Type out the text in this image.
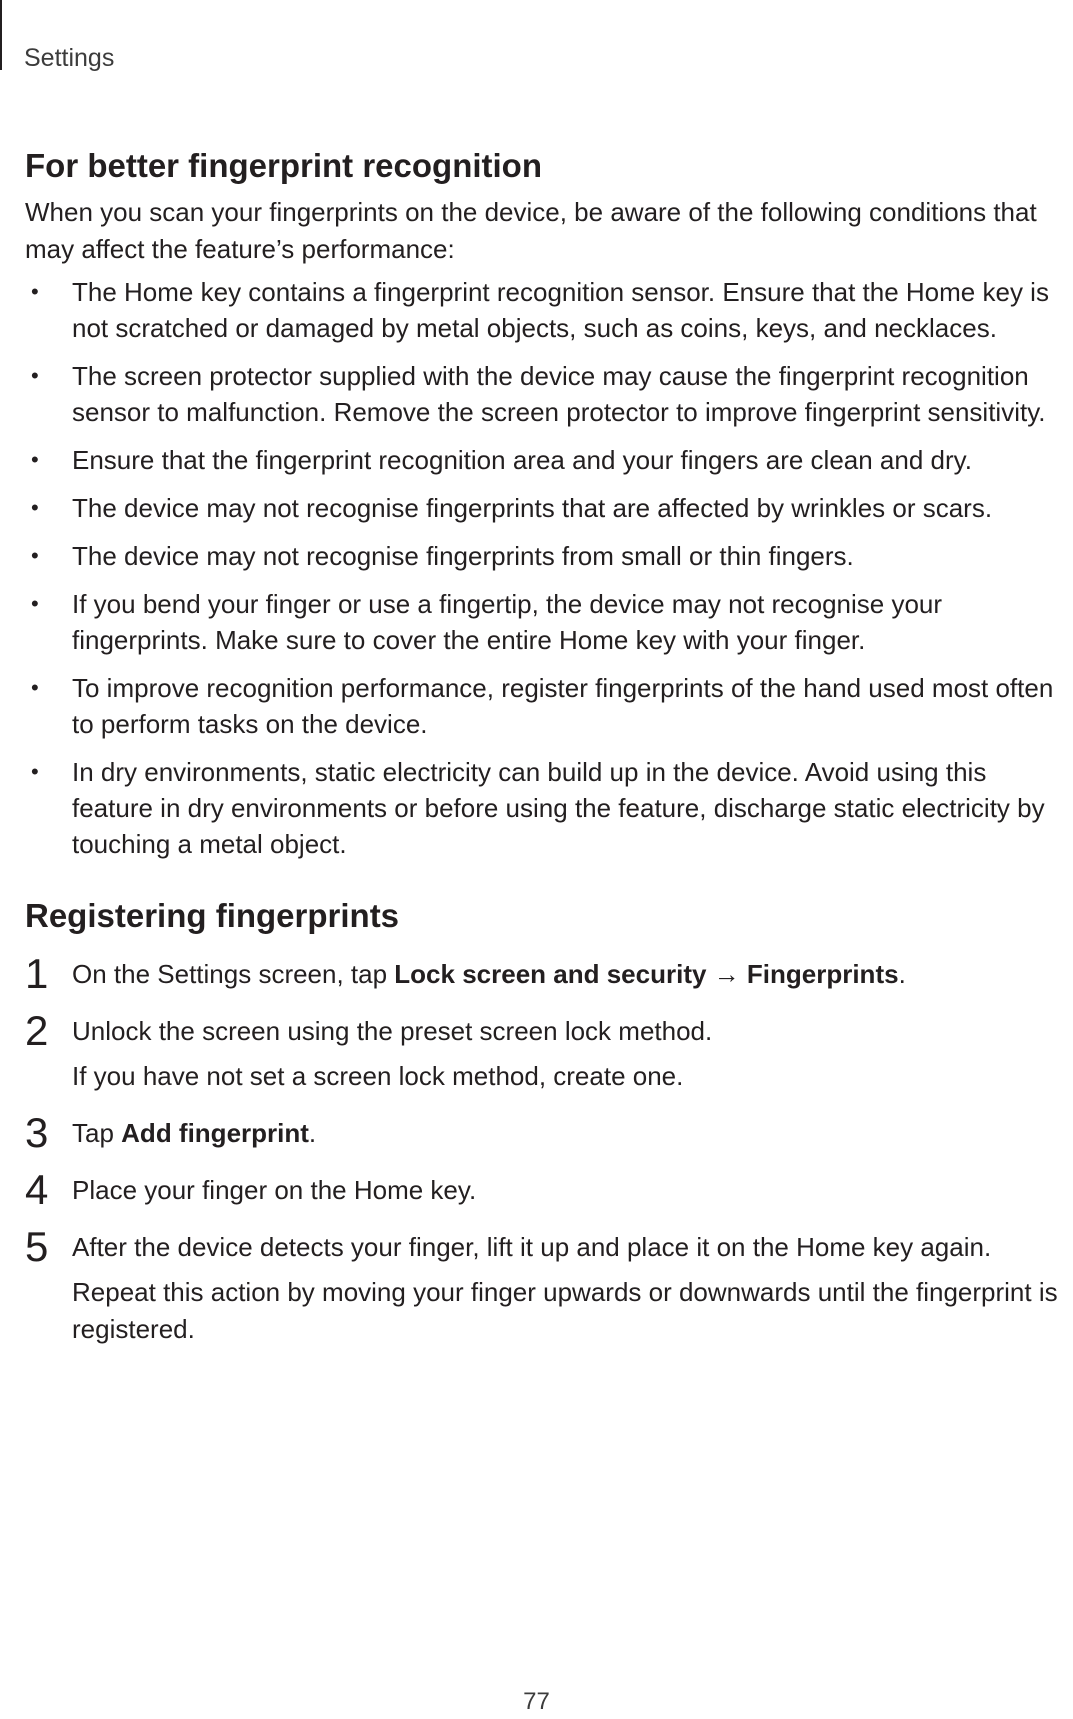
Settings
For better fingerprint recognition

When you scan your fingerprints on the device, be aware of the following conditions that may affect the feature’s performance:

• The Home key contains a fingerprint recognition sensor. Ensure that the Home key is not scratched or damaged by metal objects, such as coins, keys, and necklaces.
• The screen protector supplied with the device may cause the fingerprint recognition sensor to malfunction. Remove the screen protector to improve fingerprint sensitivity.
• Ensure that the fingerprint recognition area and your fingers are clean and dry.
• The device may not recognise fingerprints that are affected by wrinkles or scars.
• The device may not recognise fingerprints from small or thin fingers.
• If you bend your finger or use a fingertip, the device may not recognise your fingerprints. Make sure to cover the entire Home key with your finger.
• To improve recognition performance, register fingerprints of the hand used most often to perform tasks on the device.
• In dry environments, static electricity can build up in the device. Avoid using this feature in dry environments or before using the feature, discharge static electricity by touching a metal object.
Registering fingerprints
1 On the Settings screen, tap Lock screen and security → Fingerprints.
2 Unlock the screen using the preset screen lock method.
If you have not set a screen lock method, create one.
3 Tap Add fingerprint.
4 Place your finger on the Home key.
5 After the device detects your finger, lift it up and place it on the Home key again.
Repeat this action by moving your finger upwards or downwards until the fingerprint is registered.
77
